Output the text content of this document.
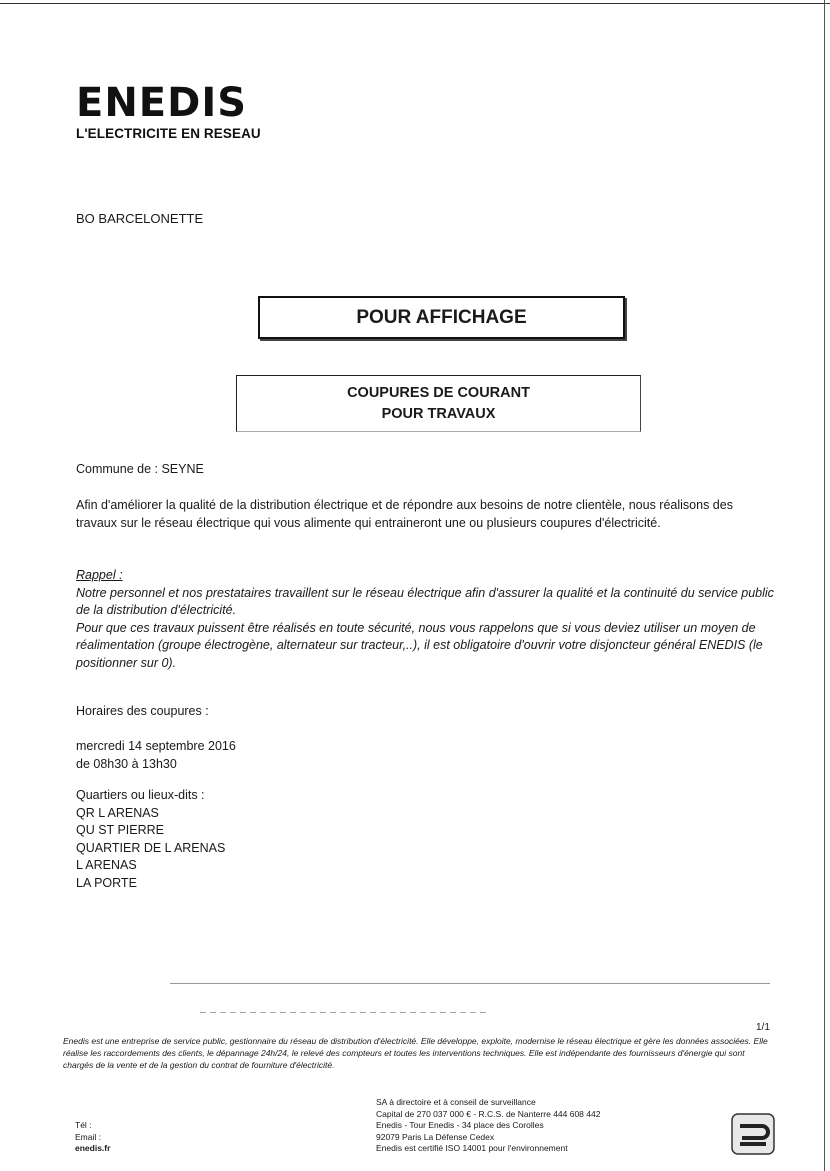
ENEDIS
L'ELECTRICITE EN RESEAU
BO BARCELONETTE
POUR AFFICHAGE
COUPURES DE COURANT
POUR TRAVAUX
Commune de : SEYNE
Afin d'améliorer la qualité de la distribution électrique et de répondre aux besoins de notre clientèle, nous réalisons des travaux sur le réseau électrique qui vous alimente qui entraineront une ou plusieurs coupures d'électricité.
Rappel :

Notre personnel et nos prestataires travaillent sur le réseau électrique afin d'assurer la qualité et la continuité du service public de la distribution d'électricité.

Pour que ces travaux puissent être réalisés en toute sécurité, nous vous rappelons que si vous deviez utiliser un moyen de réalimentation (groupe électrogène, alternateur sur tracteur,..), il est obligatoire d'ouvrir votre disjoncteur général ENEDIS (le positionner sur 0).

Horaires des coupures :
mercredi 14 septembre 2016
de 08h30 à 13h30
Quartiers ou lieux-dits :
QR L ARENAS
QU ST PIERRE
QUARTIER DE L ARENAS
L ARENAS
LA PORTE
1/1
Enedis est une entreprise de service public, gestionnaire du réseau de distribution d'électricité. Elle développe, exploite, modernise le réseau électrique et gère les données associées. Elle réalise les raccordements des clients, le dépannage 24h/24, le relevé des compteurs et toutes les interventions techniques. Elle est indépendante des fournisseurs d'énergie qui sont chargés de la vente et de la gestion du contrat de fourniture d'électricité.
SA à directoire et à conseil de surveillance
Capital de 270 037 000 € - R.C.S. de Nanterre 444 608 442
Enedis - Tour Enedis - 34 place des Corolles
92079 Paris La Défense Cedex
Enedis est certifié ISO 14001 pour l'environnement
Tél :
Email :
enedis.fr
